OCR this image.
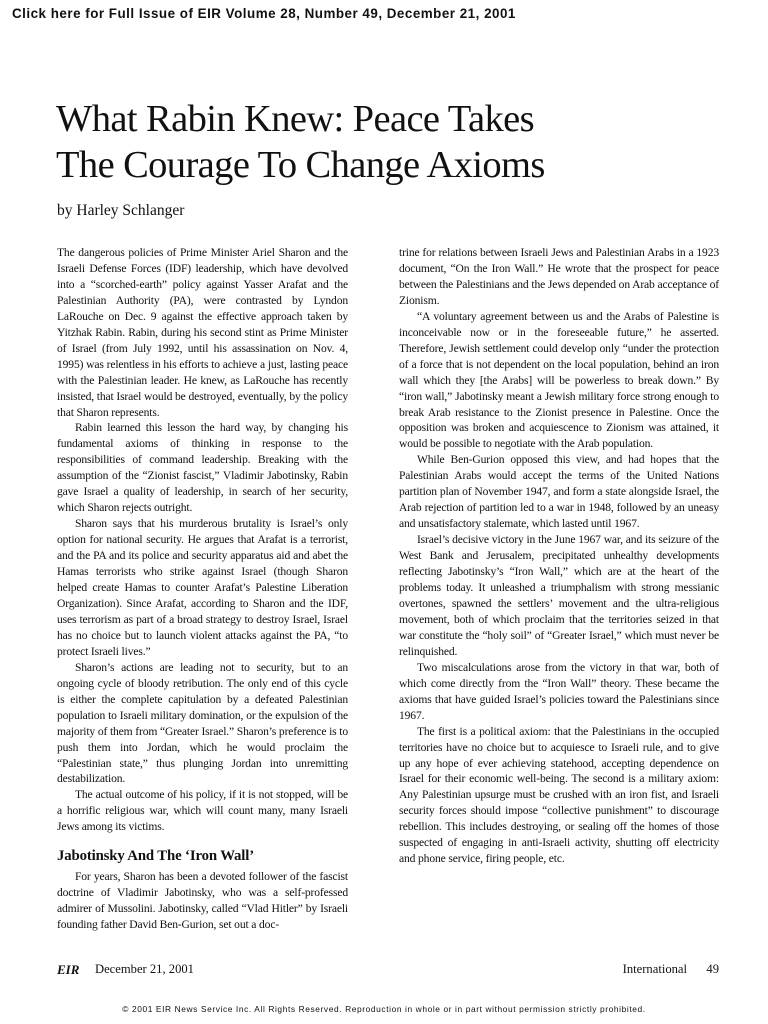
Click here for Full Issue of EIR Volume 28, Number 49, December 21, 2001
What Rabin Knew: Peace Takes
The Courage To Change Axioms

by Harley Schlanger

The dangerous policies of Prime Minister Ariel Sharon and the Israeli Defense Forces (IDF) leadership, which have devolved into a “scorched-earth” policy against Yasser Arafat and the Palestinian Authority (PA), were contrasted by Lyndon LaRouche on Dec. 9 against the effective approach taken by Yitzhak Rabin. Rabin, during his second stint as Prime Minister of Israel (from July 1992, until his assassination on Nov. 4, 1995) was relentless in his efforts to achieve a just, lasting peace with the Palestinian leader. He knew, as LaRouche has recently insisted, that Israel would be destroyed, eventually, by the policy that Sharon represents.

Rabin learned this lesson the hard way, by changing his fundamental axioms of thinking in response to the responsibilities of command leadership. Breaking with the assumption of the “Zionist fascist,” Vladimir Jabotinsky, Rabin gave Israel a quality of leadership, in search of her security, which Sharon rejects outright.

Sharon says that his murderous brutality is Israel’s only option for national security. He argues that Arafat is a terrorist, and the PA and its police and security apparatus aid and abet the Hamas terrorists who strike against Israel (though Sharon helped create Hamas to counter Arafat’s Palestine Liberation Organization). Since Arafat, according to Sharon and the IDF, uses terrorism as part of a broad strategy to destroy Israel, Israel has no choice but to launch violent attacks against the PA, “to protect Israeli lives.”

Sharon’s actions are leading not to security, but to an ongoing cycle of bloody retribution. The only end of this cycle is either the complete capitulation by a defeated Palestinian population to Israeli military domination, or the expulsion of the majority of them from “Greater Israel.” Sharon’s preference is to push them into Jordan, which he would proclaim the “Palestinian state,” thus plunging Jordan into unremitting destabilization.

The actual outcome of his policy, if it is not stopped, will be a horrific religious war, which will count many, many Israeli Jews among its victims.

Jabotinsky And The ‘Iron Wall’

For years, Sharon has been a devoted follower of the fascist doctrine of Vladimir Jabotinsky, who was a self-professed admirer of Mussolini. Jabotinsky, called “Vlad Hitler” by Israeli founding father David Ben-Gurion, set out a doc-

trine for relations between Israeli Jews and Palestinian Arabs in a 1923 document, “On the Iron Wall.” He wrote that the prospect for peace between the Palestinians and the Jews depended on Arab acceptance of Zionism.

“A voluntary agreement between us and the Arabs of Palestine is inconceivable now or in the foreseeable future,” he asserted. Therefore, Jewish settlement could develop only “under the protection of a force that is not dependent on the local population, behind an iron wall which they [the Arabs] will be powerless to break down.” By “iron wall,” Jabotinsky meant a Jewish military force strong enough to break Arab resistance to the Zionist presence in Palestine. Once the opposition was broken and acquiescence to Zionism was attained, it would be possible to negotiate with the Arab population.

While Ben-Gurion opposed this view, and had hopes that the Palestinian Arabs would accept the terms of the United Nations partition plan of November 1947, and form a state alongside Israel, the Arab rejection of partition led to a war in 1948, followed by an uneasy and unsatisfactory stalemate, which lasted until 1967.

Israel’s decisive victory in the June 1967 war, and its seizure of the West Bank and Jerusalem, precipitated unhealthy developments reflecting Jabotinsky’s “Iron Wall,” which are at the heart of the problems today. It unleashed a triumphalism with strong messianic overtones, spawned the settlers’ movement and the ultra-religious movement, both of which proclaim that the territories seized in that war constitute the “holy soil” of “Greater Israel,” which must never be relinquished.

Two miscalculations arose from the victory in that war, both of which come directly from the “Iron Wall” theory. These became the axioms that have guided Israel’s policies toward the Palestinians since 1967.

The first is a political axiom: that the Palestinians in the occupied territories have no choice but to acquiesce to Israeli rule, and to give up any hope of ever achieving statehood, accepting dependence on Israel for their economic well-being. The second is a military axiom: Any Palestinian upsurge must be crushed with an iron fist, and Israeli security forces should impose “collective punishment” to discourage rebellion. This includes destroying, or sealing off the homes of those suspected of engaging in anti-Israeli activity, shutting off electricity and phone service, firing people, etc.

EIR December 21, 2001	International 49
© 2001 EIR News Service Inc. All Rights Reserved. Reproduction in whole or in part without permission strictly prohibited.
